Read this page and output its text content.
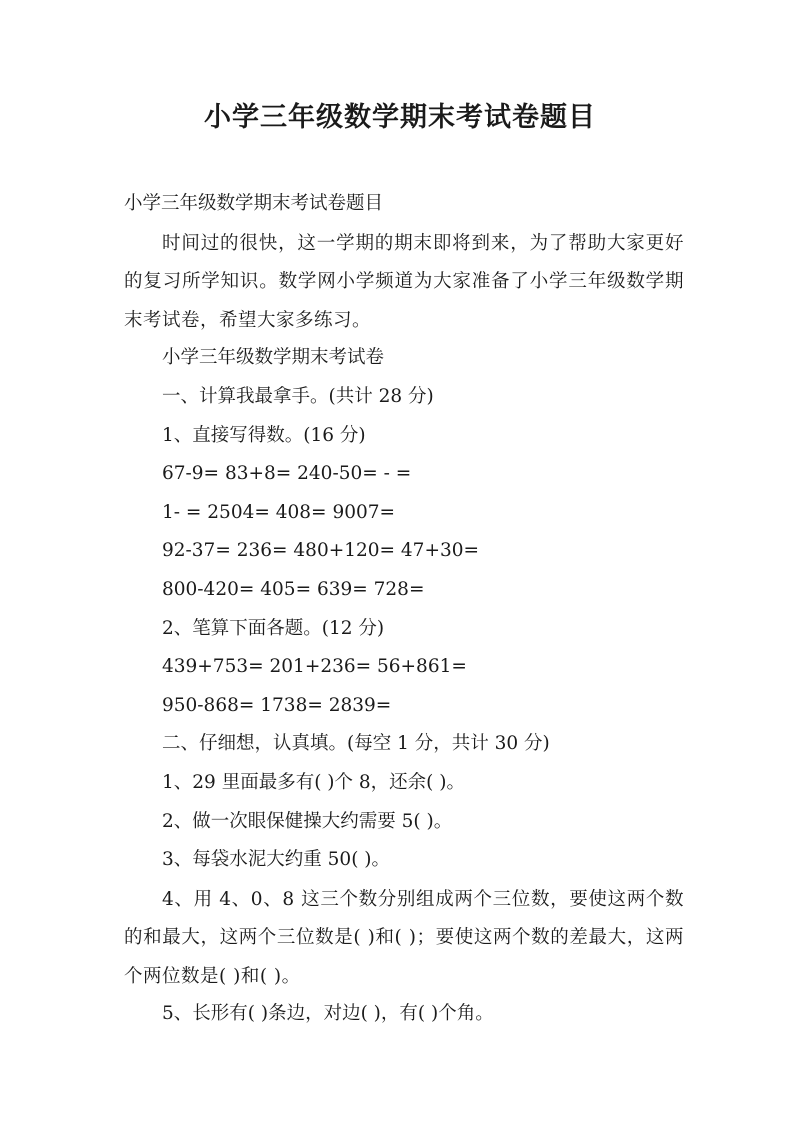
小学三年级数学期末考试卷题目
小学三年级数学期末考试卷题目

时间过的很快，这一学期的期末即将到来，为了帮助大家更好的复习所学知识。数学网小学频道为大家准备了小学三年级数学期末考试卷，希望大家多练习。

小学三年级数学期末考试卷
一、计算我最拿手。(共计 28 分)
1、直接写得数。(16 分)
67-9= 83+8= 240-50= - =
1- = 2504= 408= 9007=
92-37= 236= 480+120= 47+30=
800-420= 405= 639= 728=
2、笔算下面各题。(12 分)
439+753= 201+236= 56+861=
950-868= 1738= 2839=
二、仔细想，认真填。(每空 1 分，共计 30 分)
1、29 里面最多有( )个 8，还余( )。
2、做一次眼保健操大约需要 5( )。
3、每袋水泥大约重 50( )。

4、用 4、0、8 这三个数分别组成两个三位数，要使这两个数的和最大，这两个三位数是( )和( )；要使这两个数的差最大，这两个两位数是( )和( )。

5、长形有( )条边，对边( )，有( )个角。
